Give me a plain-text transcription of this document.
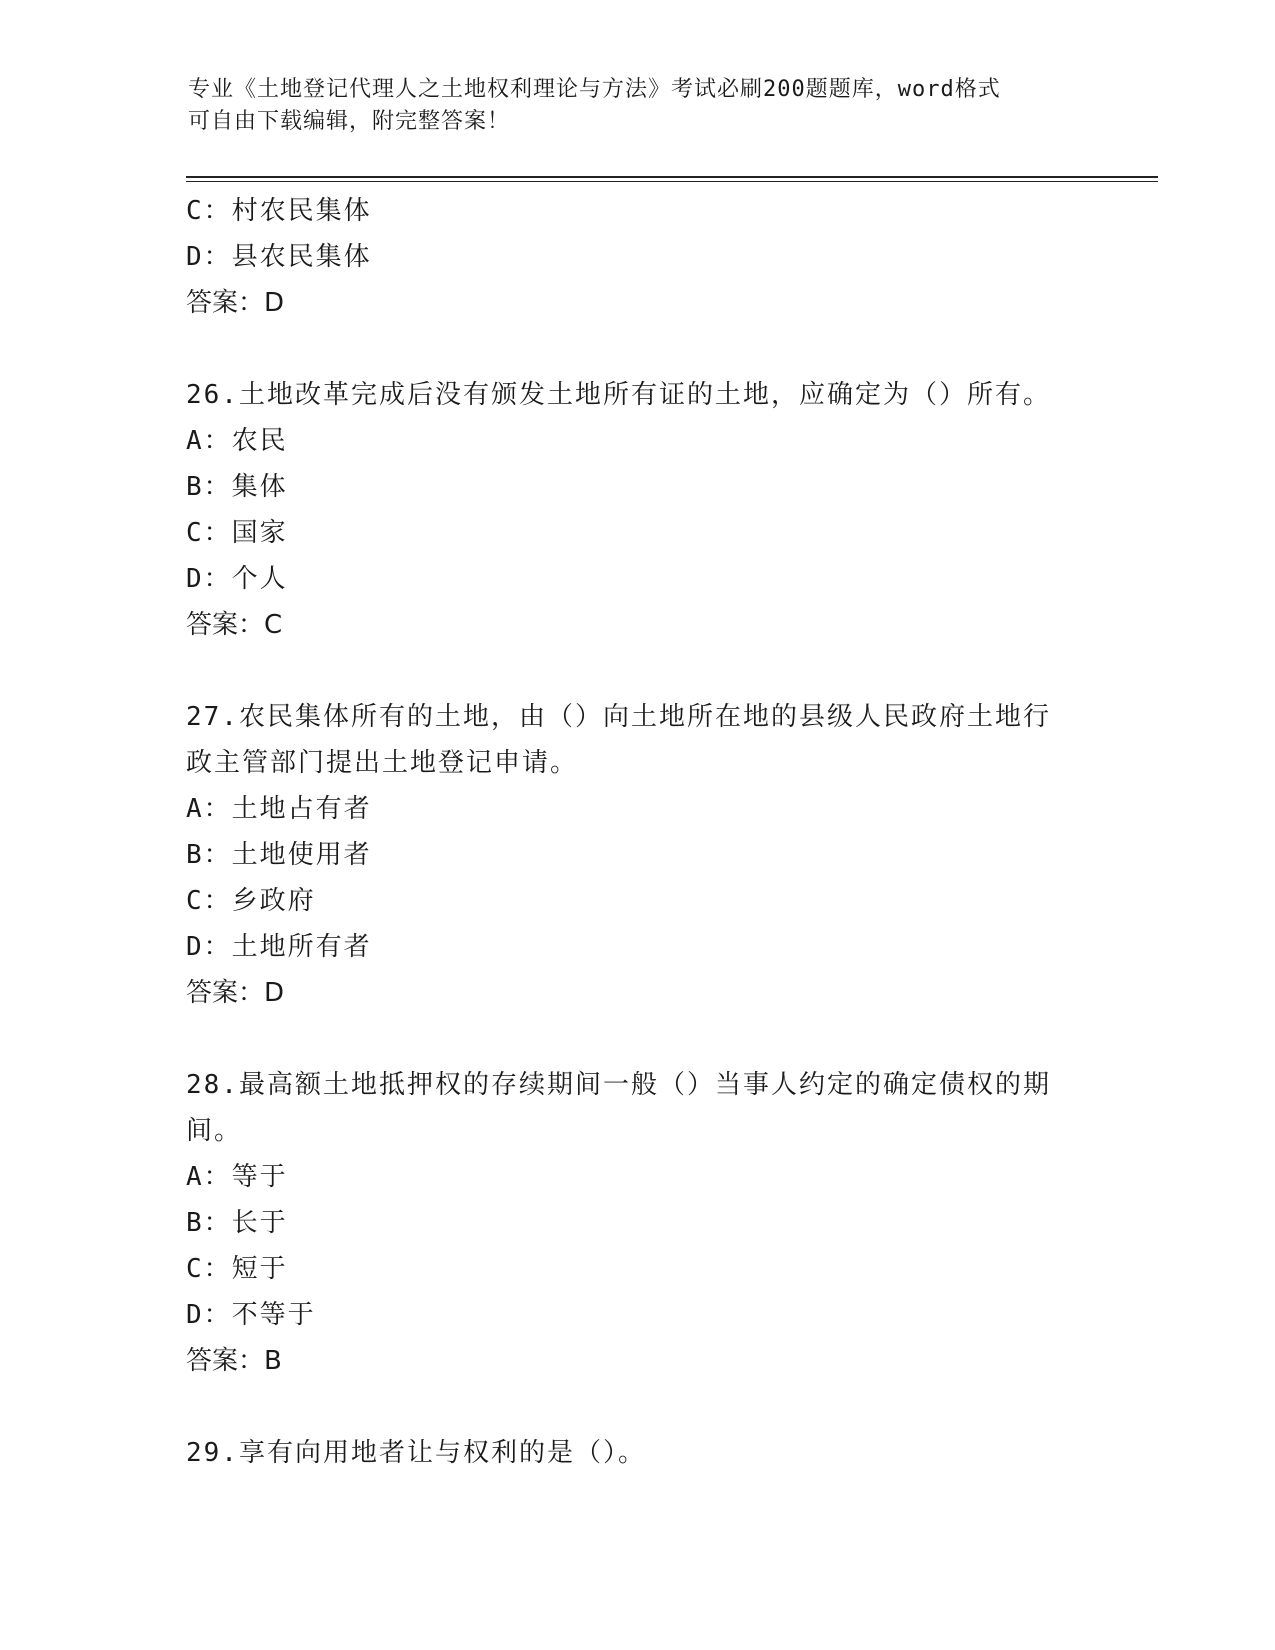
专业《土地登记代理人之土地权利理论与方法》考试必刷200题题库，word格式
可自由下载编辑，附完整答案！
C：村农民集体
D：县农民集体
答案：D
26.土地改革完成后没有颁发土地所有证的土地，应确定为（）所有。
A：农民
B：集体
C：国家
D：个人
答案：C
27.农民集体所有的土地，由（）向土地所在地的县级人民政府土地行
政主管部门提出土地登记申请。
A：土地占有者
B：土地使用者
C：乡政府
D：土地所有者
答案：D
28.最高额土地抵押权的存续期间一般（）当事人约定的确定债权的期
间。
A：等于
B：长于
C：短于
D：不等于
答案：B
29.享有向用地者让与权利的是（）。
